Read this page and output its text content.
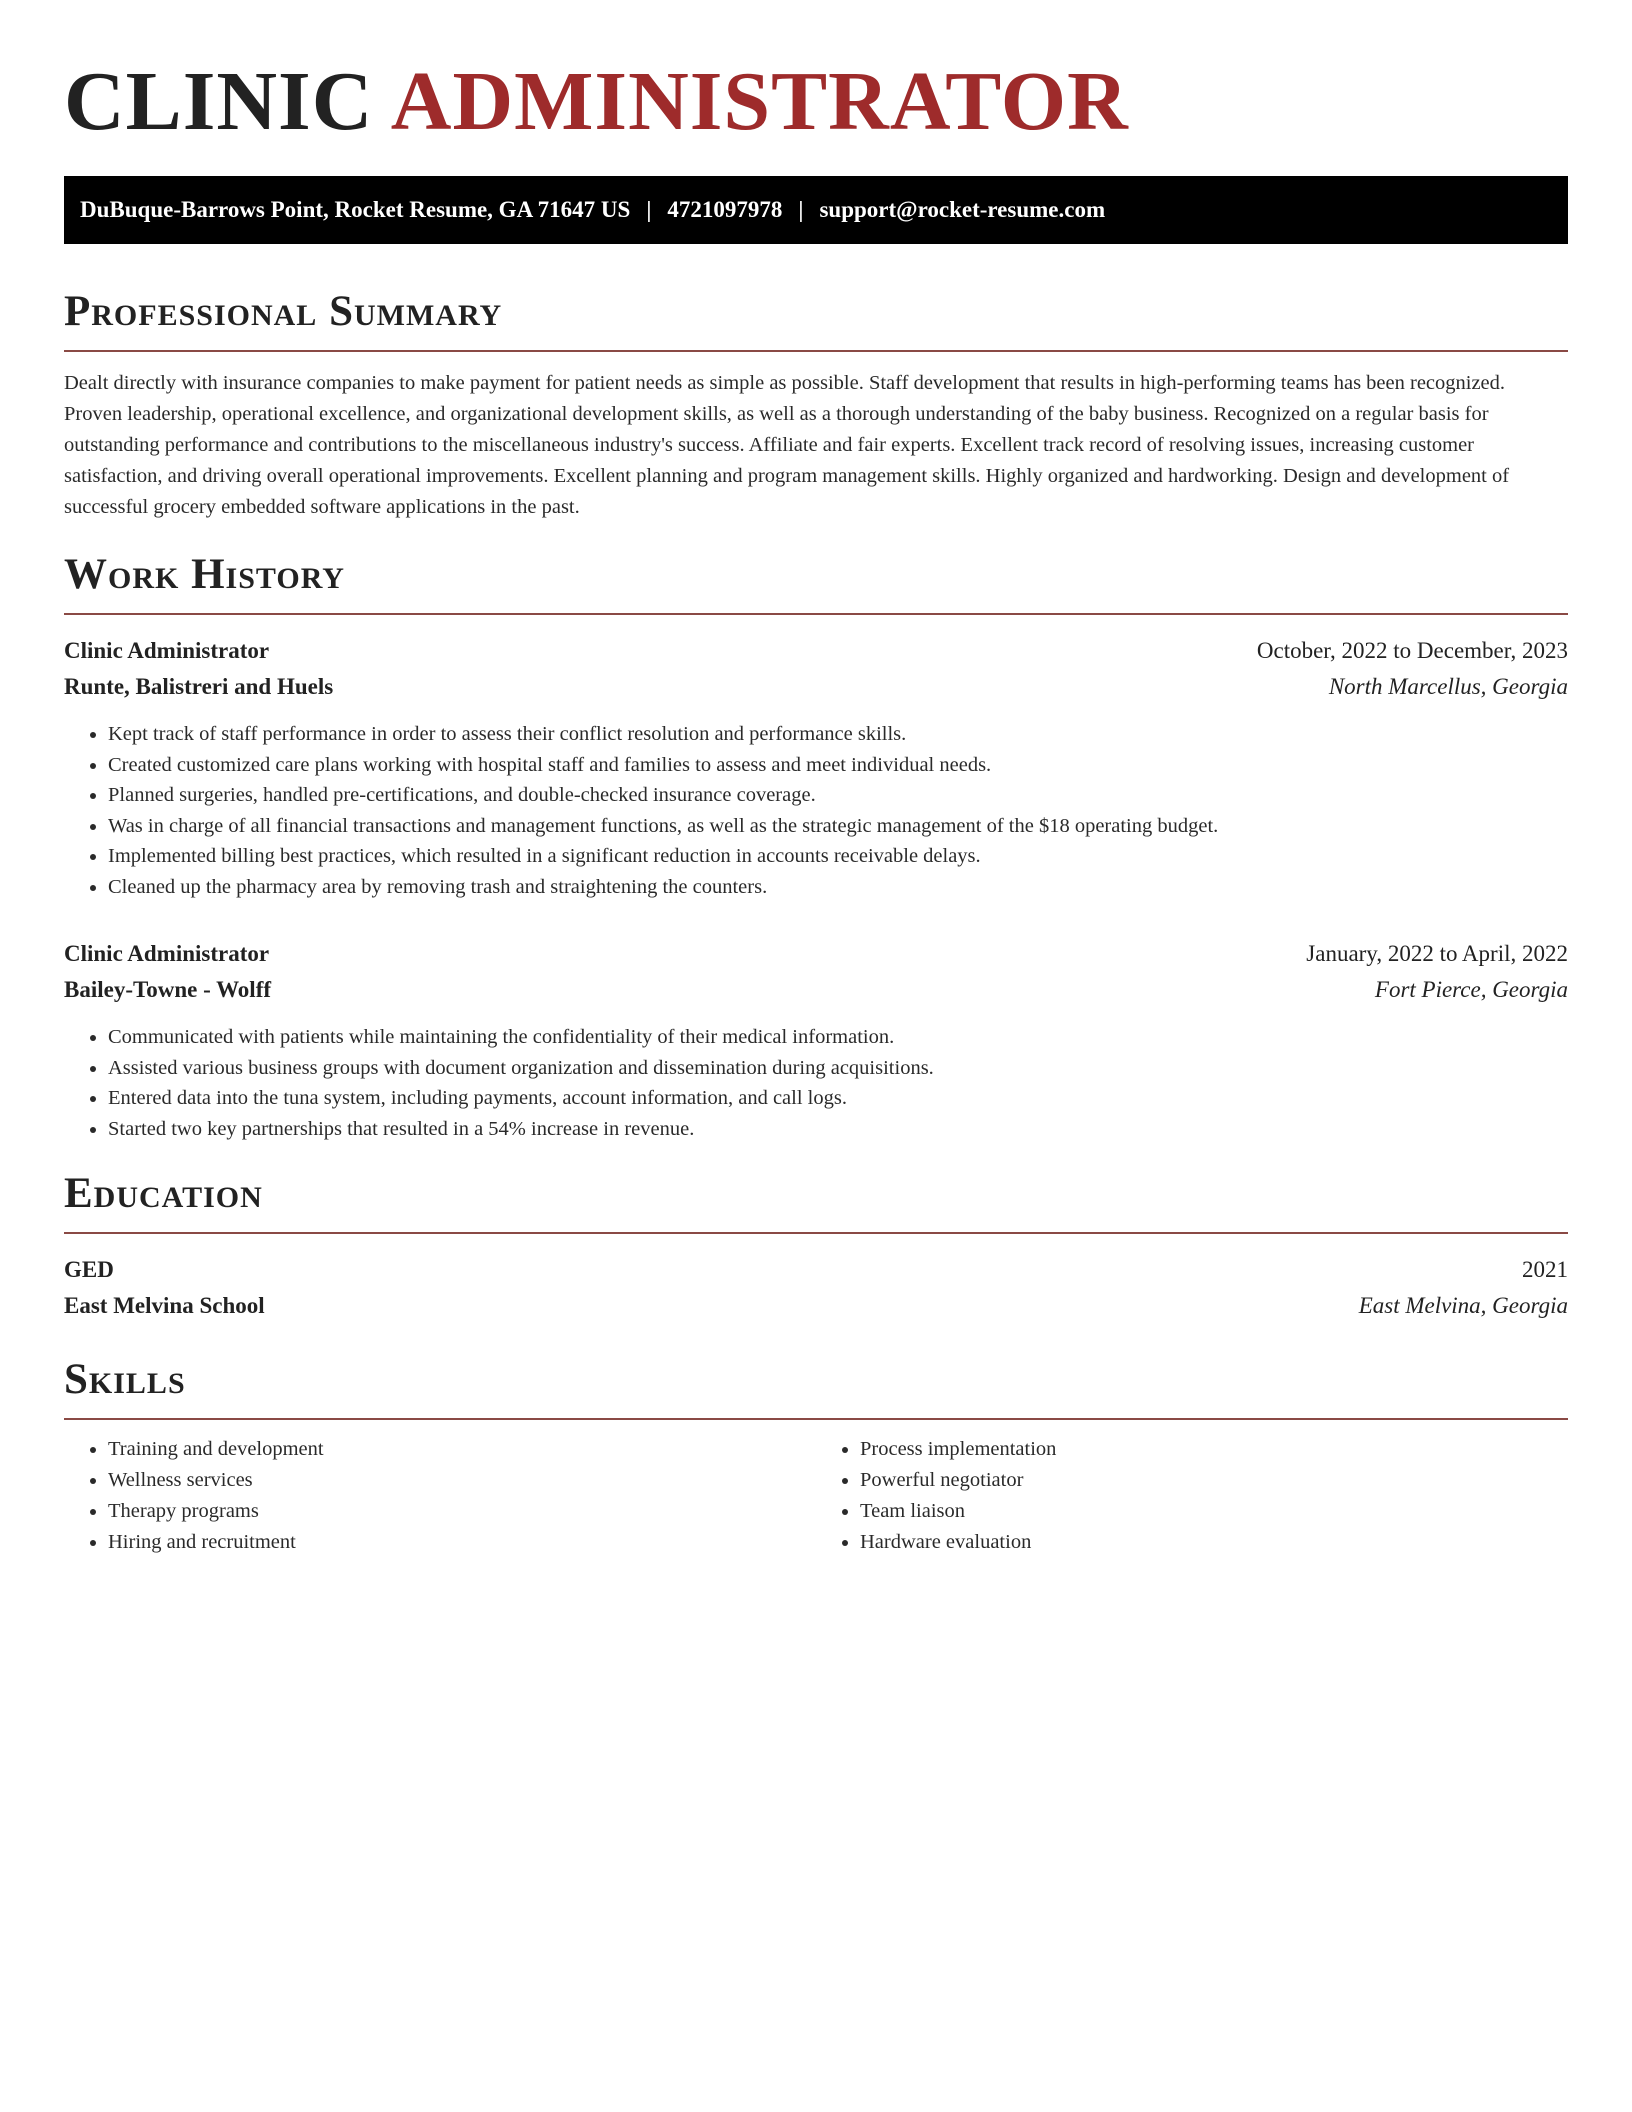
CLINIC ADMINISTRATOR
DuBuque-Barrows Point, Rocket Resume, GA 71647 US | 4721097978 | support@rocket-resume.com
Professional Summary

Dealt directly with insurance companies to make payment for patient needs as simple as possible. Staff development that results in high-performing teams has been recognized. Proven leadership, operational excellence, and organizational development skills, as well as a thorough understanding of the baby business. Recognized on a regular basis for outstanding performance and contributions to the miscellaneous industry's success. Affiliate and fair experts. Excellent track record of resolving issues, increasing customer satisfaction, and driving overall operational improvements. Excellent planning and program management skills. Highly organized and hardworking. Design and development of successful grocery embedded software applications in the past.

Work History
Clinic Administrator	October, 2022 to December, 2023
Runte, Balistreri and Huels	North Marcellus, Georgia
• Kept track of staff performance in order to assess their conflict resolution and performance skills.
• Created customized care plans working with hospital staff and families to assess and meet individual needs.
• Planned surgeries, handled pre-certifications, and double-checked insurance coverage.
• Was in charge of all financial transactions and management functions, as well as the strategic management of the $18 operating budget.
• Implemented billing best practices, which resulted in a significant reduction in accounts receivable delays.
• Cleaned up the pharmacy area by removing trash and straightening the counters.
Clinic Administrator	January, 2022 to April, 2022
Bailey-Towne - Wolff	Fort Pierce, Georgia
• Communicated with patients while maintaining the confidentiality of their medical information.
• Assisted various business groups with document organization and dissemination during acquisitions.
• Entered data into the tuna system, including payments, account information, and call logs.
• Started two key partnerships that resulted in a 54% increase in revenue.
Education
GED	2021
East Melvina School	East Melvina, Georgia
Skills
• Training and development
• Wellness services
• Therapy programs
• Hiring and recruitment
• Process implementation
• Powerful negotiator
• Team liaison
• Hardware evaluation
